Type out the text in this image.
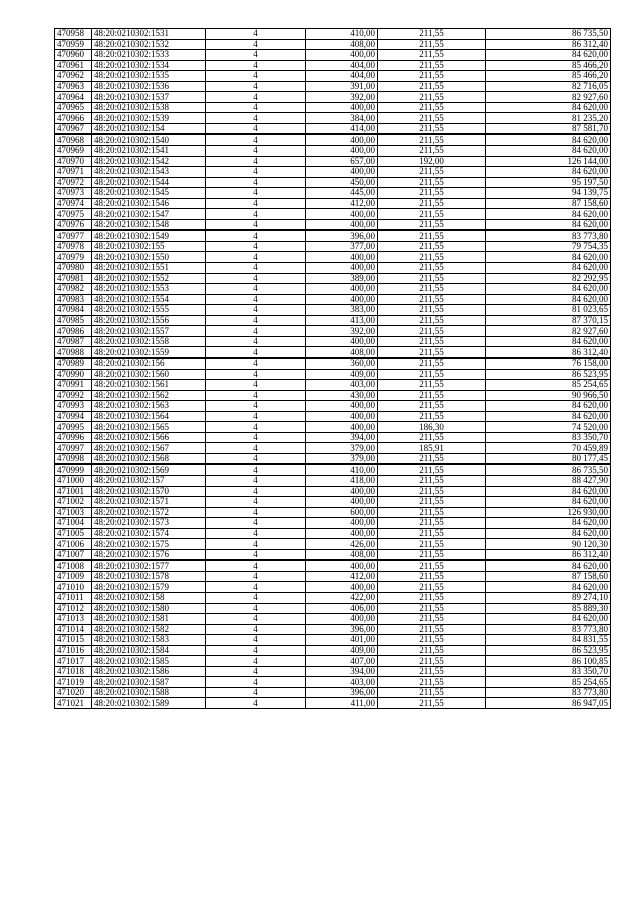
470958	48:20:0210302:1531	4	410,00	211,55	86 735,50
470959	48:20:0210302:1532	4	408,00	211,55	86 312,40
470960	48:20:0210302:1533	4	400,00	211,55	84 620,00
470961	48:20:0210302:1534	4	404,00	211,55	85 466,20
470962	48:20:0210302:1535	4	404,00	211,55	85 466,20
470963	48:20:0210302:1536	4	391,00	211,55	82 716,05
470964	48:20:0210302:1537	4	392,00	211,55	82 927,60
470965	48:20:0210302:1538	4	400,00	211,55	84 620,00
470966	48:20:0210302:1539	4	384,00	211,55	81 235,20
470967	48:20:0210302:154	4	414,00	211,55	87 581,70
470968	48:20:0210302:1540	4	400,00	211,55	84 620,00
470969	48:20:0210302:1541	4	400,00	211,55	84 620,00
470970	48:20:0210302:1542	4	657,00	192,00	126 144,00
470971	48:20:0210302:1543	4	400,00	211,55	84 620,00
470972	48:20:0210302:1544	4	450,00	211,55	95 197,50
470973	48:20:0210302:1545	4	445,00	211,55	94 139,75
470974	48:20:0210302:1546	4	412,00	211,55	87 158,60
470975	48:20:0210302:1547	4	400,00	211,55	84 620,00
470976	48:20:0210302:1548	4	400,00	211,55	84 620,00
470977	48:20:0210302:1549	4	396,00	211,55	83 773,80
470978	48:20:0210302:155	4	377,00	211,55	79 754,35
470979	48:20:0210302:1550	4	400,00	211,55	84 620,00
470980	48:20:0210302:1551	4	400,00	211,55	84 620,00
470981	48:20:0210302:1552	4	389,00	211,55	82 292,95
470982	48:20:0210302:1553	4	400,00	211,55	84 620,00
470983	48:20:0210302:1554	4	400,00	211,55	84 620,00
470984	48:20:0210302:1555	4	383,00	211,55	81 023,65
470985	48:20:0210302:1556	4	413,00	211,55	87 370,15
470986	48:20:0210302:1557	4	392,00	211,55	82 927,60
470987	48:20:0210302:1558	4	400,00	211,55	84 620,00
470988	48:20:0210302:1559	4	408,00	211,55	86 312,40
470989	48:20:0210302:156	4	360,00	211,55	76 158,00
470990	48:20:0210302:1560	4	409,00	211,55	86 523,95
470991	48:20:0210302:1561	4	403,00	211,55	85 254,65
470992	48:20:0210302:1562	4	430,00	211,55	90 966,50
470993	48:20:0210302:1563	4	400,00	211,55	84 620,00
470994	48:20:0210302:1564	4	400,00	211,55	84 620,00
470995	48:20:0210302:1565	4	400,00	186,30	74 520,00
470996	48:20:0210302:1566	4	394,00	211,55	83 350,70
470997	48:20:0210302:1567	4	379,00	185,91	70 459,89
470998	48:20:0210302:1568	4	379,00	211,55	80 177,45
470999	48:20:0210302:1569	4	410,00	211,55	86 735,50
471000	48:20:0210302:157	4	418,00	211,55	88 427,90
471001	48:20:0210302:1570	4	400,00	211,55	84 620,00
471002	48:20:0210302:1571	4	400,00	211,55	84 620,00
471003	48:20:0210302:1572	4	600,00	211,55	126 930,00
471004	48:20:0210302:1573	4	400,00	211,55	84 620,00
471005	48:20:0210302:1574	4	400,00	211,55	84 620,00
471006	48:20:0210302:1575	4	426,00	211,55	90 120,30
471007	48:20:0210302:1576	4	408,00	211,55	86 312,40
471008	48:20:0210302:1577	4	400,00	211,55	84 620,00
471009	48:20:0210302:1578	4	412,00	211,55	87 158,60
471010	48:20:0210302:1579	4	400,00	211,55	84 620,00
471011	48:20:0210302:158	4	422,00	211,55	89 274,10
471012	48:20:0210302:1580	4	406,00	211,55	85 889,30
471013	48:20:0210302:1581	4	400,00	211,55	84 620,00
471014	48:20:0210302:1582	4	396,00	211,55	83 773,80
471015	48:20:0210302:1583	4	401,00	211,55	84 831,55
471016	48:20:0210302:1584	4	409,00	211,55	86 523,95
471017	48:20:0210302:1585	4	407,00	211,55	86 100,85
471018	48:20:0210302:1586	4	394,00	211,55	83 350,70
471019	48:20:0210302:1587	4	403,00	211,55	85 254,65
471020	48:20:0210302:1588	4	396,00	211,55	83 773,80
471021	48:20:0210302:1589	4	411,00	211,55	86 947,05
